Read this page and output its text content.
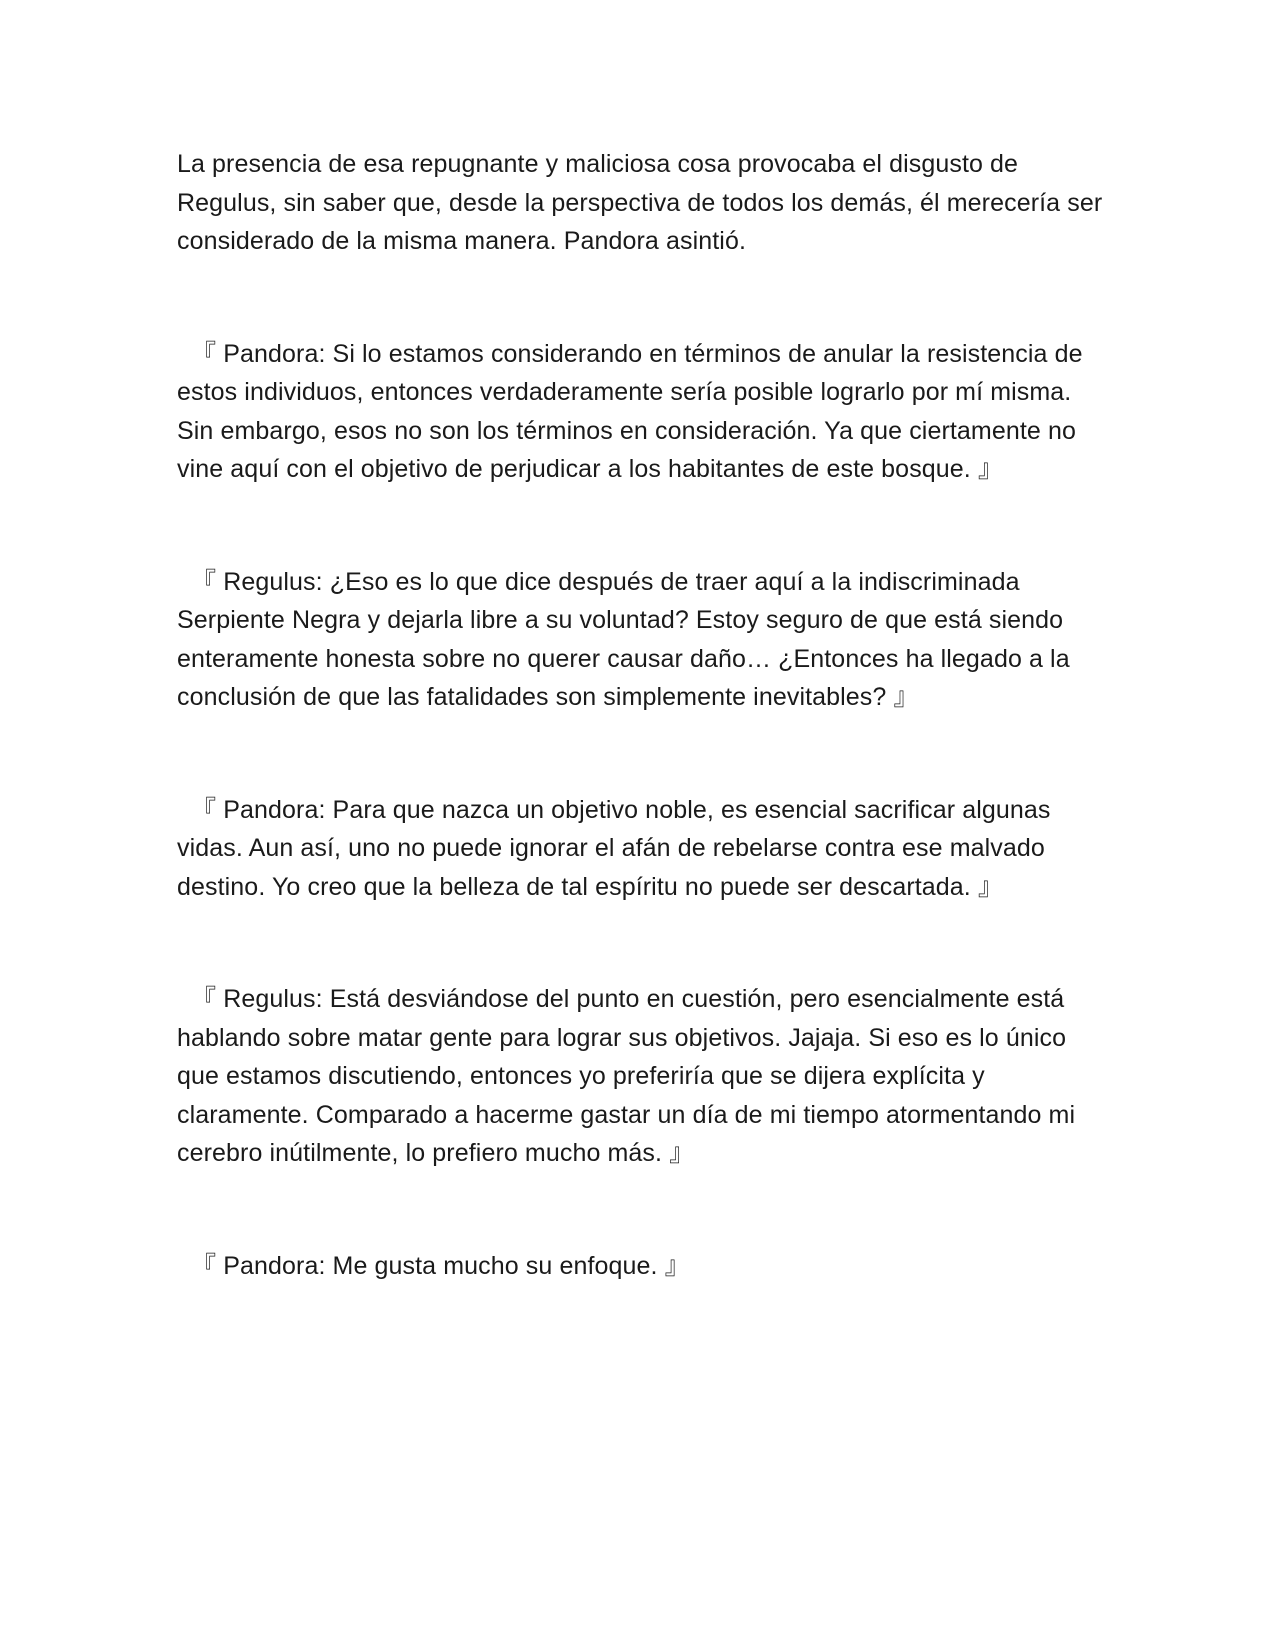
La presencia de esa repugnante y maliciosa cosa provocaba el disgusto de Regulus, sin saber que, desde la perspectiva de todos los demás, él merecería ser considerado de la misma manera. Pandora asintió.

『 Pandora: Si lo estamos considerando en términos de anular la resistencia de estos individuos, entonces verdaderamente sería posible lograrlo por mí misma. Sin embargo, esos no son los términos en consideración. Ya que ciertamente no vine aquí con el objetivo de perjudicar a los habitantes de este bosque. 』

『 Regulus: ¿Eso es lo que dice después de traer aquí a la indiscriminada Serpiente Negra y dejarla libre a su voluntad? Estoy seguro de que está siendo enteramente honesta sobre no querer causar daño… ¿Entonces ha llegado a la conclusión de que las fatalidades son simplemente inevitables? 』

『 Pandora: Para que nazca un objetivo noble, es esencial sacrificar algunas vidas. Aun así, uno no puede ignorar el afán de rebelarse contra ese malvado destino. Yo creo que la belleza de tal espíritu no puede ser descartada. 』

『 Regulus: Está desviándose del punto en cuestión, pero esencialmente está hablando sobre matar gente para lograr sus objetivos. Jajaja. Si eso es lo único que estamos discutiendo, entonces yo preferiría que se dijera explícita y claramente. Comparado a hacerme gastar un día de mi tiempo atormentando mi cerebro inútilmente, lo prefiero mucho más. 』

『 Pandora: Me gusta mucho su enfoque. 』
